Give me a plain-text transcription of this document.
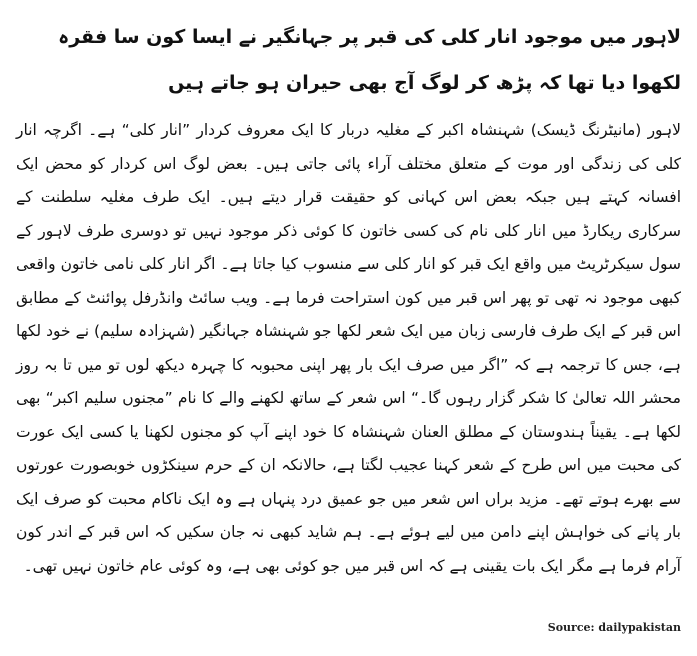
لاہور میں موجود انار کلی کی قبر پر جہانگیر نے ایسا کون سا فقرہ لکھوا دیا تھا کہ پڑھ کر لوگ آج بھی حیران ہو جاتے ہیں

لاہور (مانیٹرنگ ڈیسک) شہنشاہ اکبر کے مغلیہ دربار کا ایک معروف کردار ”انار کلی“ ہے۔ اگرچہ انار کلی کی زندگی اور موت کے متعلق مختلف آراء پائی جاتی ہیں۔ بعض لوگ اس کردار کو محض ایک افسانہ کہتے ہیں جبکہ بعض اس کہانی کو حقیقت قرار دیتے ہیں۔ ایک طرف مغلیہ سلطنت کے سرکاری ریکارڈ میں انار کلی نام کی کسی خاتون کا کوئی ذکر موجود نہیں تو دوسری طرف لاہور کے سول سیکرٹریٹ میں واقع ایک قبر کو انار کلی سے منسوب کیا جاتا ہے۔ اگر انار کلی نامی خاتون واقعی کبھی موجود نہ تھی تو پھر اس قبر میں کون استراحت فرما ہے۔ ویب سائٹ وانڈرفل پوائنٹ کے مطابق اس قبر کے ایک طرف فارسی زبان میں ایک شعر لکھا جو شہنشاہ جہانگیر (شہزادہ سلیم) نے خود لکھا ہے، جس کا ترجمہ ہے کہ ”اگر میں صرف ایک بار پھر اپنی محبوبہ کا چہرہ دیکھ لوں تو میں تا بہ روز محشر اللہ تعالیٰ کا شکر گزار رہوں گا۔“ اس شعر کے ساتھ لکھنے والے کا نام ”مجنوں سلیم اکبر“ بھی لکھا ہے۔ یقیناً ہندوستان کے مطلق العنان شہنشاہ کا خود اپنے آپ کو مجنوں لکھنا یا کسی ایک عورت کی محبت میں اس طرح کے شعر کہنا عجیب لگتا ہے، حالانکہ ان کے حرم سینکڑوں خوبصورت عورتوں سے بھرے ہوتے تھے۔ مزید براں اس شعر میں جو عمیق درد پنہاں ہے وہ ایک ناکام محبت کو صرف ایک بار پانے کی خواہش اپنے دامن میں لیے ہوئے ہے۔ ہم شاید کبھی نہ جان سکیں کہ اس قبر کے اندر کون آرام فرما ہے مگر ایک بات یقینی ہے کہ اس قبر میں جو کوئی بھی ہے، وہ کوئی عام خاتون نہیں تھی۔

Source: dailypakistan
